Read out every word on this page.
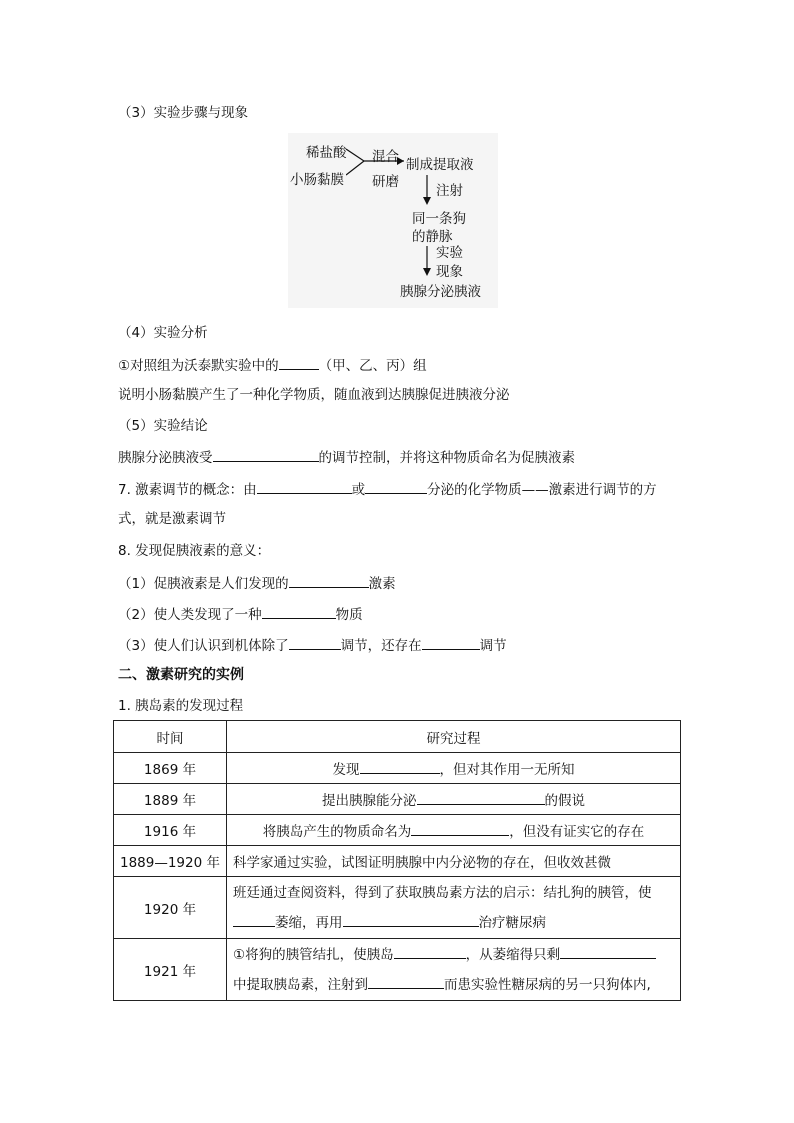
（3）实验步骤与现象
稀盐酸
小肠黏膜
混合
研磨
制成提取液
注射
同一条狗
的静脉
实验
现象
胰腺分泌胰液
（4）实验分析
①对照组为沃泰默实验中的	（甲、乙、丙）组
说明小肠黏膜产生了一种化学物质，随血液到达胰腺促进胰液分泌
（5）实验结论
胰腺分泌胰液受	的调节控制，并将这种物质命名为促胰液素
7. 激素调节的概念：由	或	分泌的化学物质——激素进行调节的方
式，就是激素调节
8. 发现促胰液素的意义：
（1）促胰液素是人们发现的	激素
（2）使人类发现了一种	物质
（3）使人们认识到机体除了	调节，还存在	调节
二、激素研究的实例
1. 胰岛素的发现过程
时间	研究过程
1869 年	发现 ，但对其作用一无所知
1889 年	提出胰腺能分泌 的假说
1916 年	将胰岛产生的物质命名为 ，但没有证实它的存在
1889—1920 年	科学家通过实验，试图证明胰腺中内分泌物的存在，但收效甚微
1920 年	班廷通过查阅资料，得到了获取胰岛素方法的启示：结扎狗的胰管，使
萎缩，再用 治疗糖尿病
1921 年	①将狗的胰管结扎，使胰岛 ，从萎缩得只剩
中提取胰岛素，注射到 而患实验性糖尿病的另一只狗体内,
